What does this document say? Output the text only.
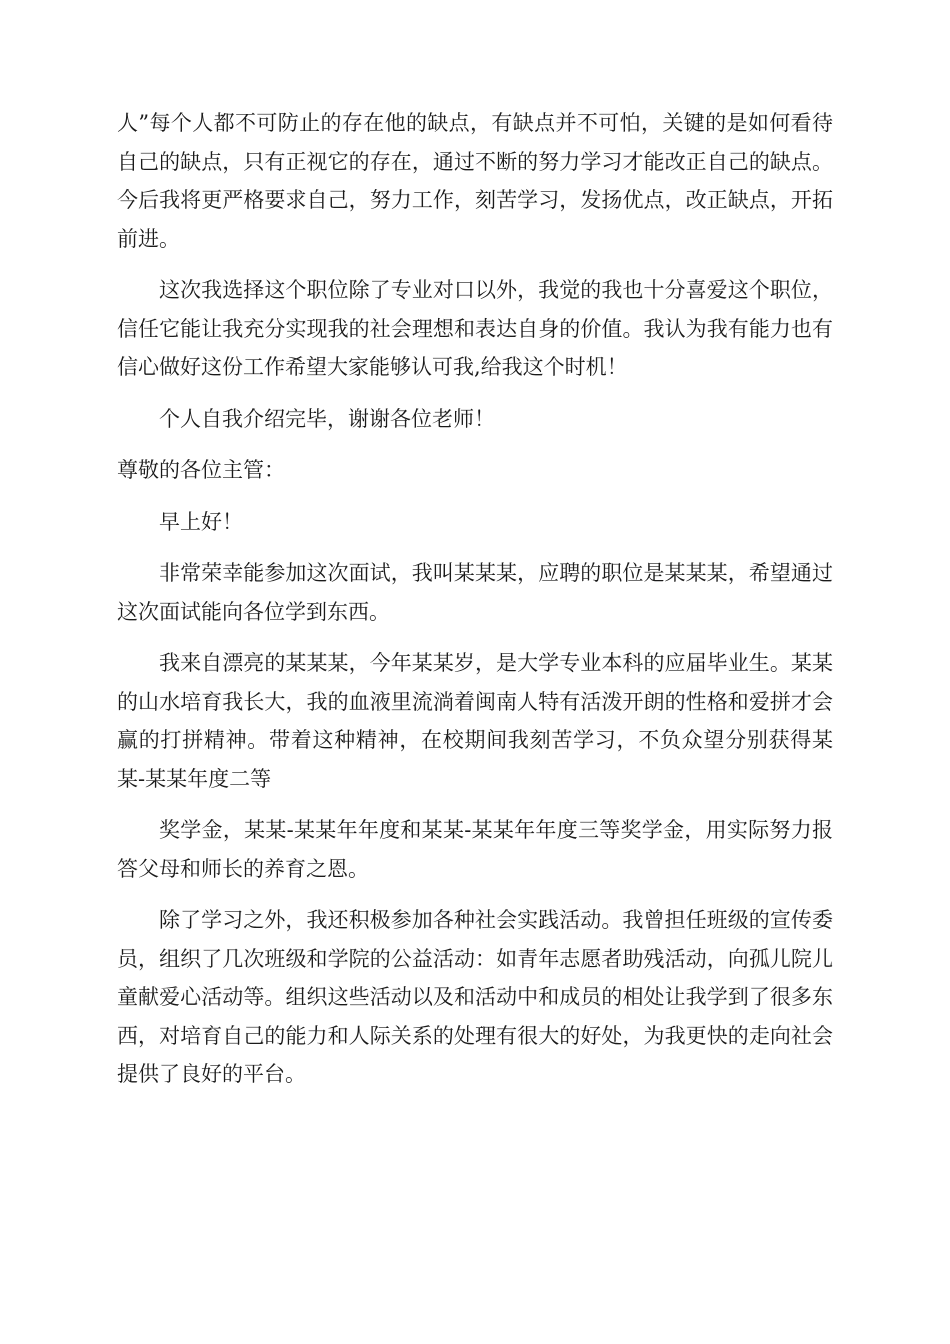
人”每个人都不可防止的存在他的缺点，有缺点并不可怕，关键的是如何看待自己的缺点，只有正视它的存在，通过不断的努力学习才能改正自己的缺点。今后我将更严格要求自己，努力工作，刻苦学习，发扬优点，改正缺点，开拓前进。

这次我选择这个职位除了专业对口以外，我觉的我也十分喜爱这个职位，信任它能让我充分实现我的社会理想和表达自身的价值。我认为我有能力也有信心做好这份工作希望大家能够认可我,给我这个时机！

个人自我介绍完毕，谢谢各位老师！

尊敬的各位主管：

早上好！

非常荣幸能参加这次面试，我叫某某某，应聘的职位是某某某，希望通过这次面试能向各位学到东西。

我来自漂亮的某某某，今年某某岁，是大学专业本科的应届毕业生。某某的山水培育我长大，我的血液里流淌着闽南人特有活泼开朗的性格和爱拼才会赢的打拼精神。带着这种精神，在校期间我刻苦学习，不负众望分别获得某某-某某年度二等

奖学金，某某-某某年年度和某某-某某年年度三等奖学金，用实际努力报答父母和师长的养育之恩。

除了学习之外，我还积极参加各种社会实践活动。我曾担任班级的宣传委员，组织了几次班级和学院的公益活动：如青年志愿者助残活动，向孤儿院儿童献爱心活动等。组织这些活动以及和活动中和成员的相处让我学到了很多东西，对培育自己的能力和人际关系的处理有很大的好处，为我更快的走向社会提供了良好的平台。
